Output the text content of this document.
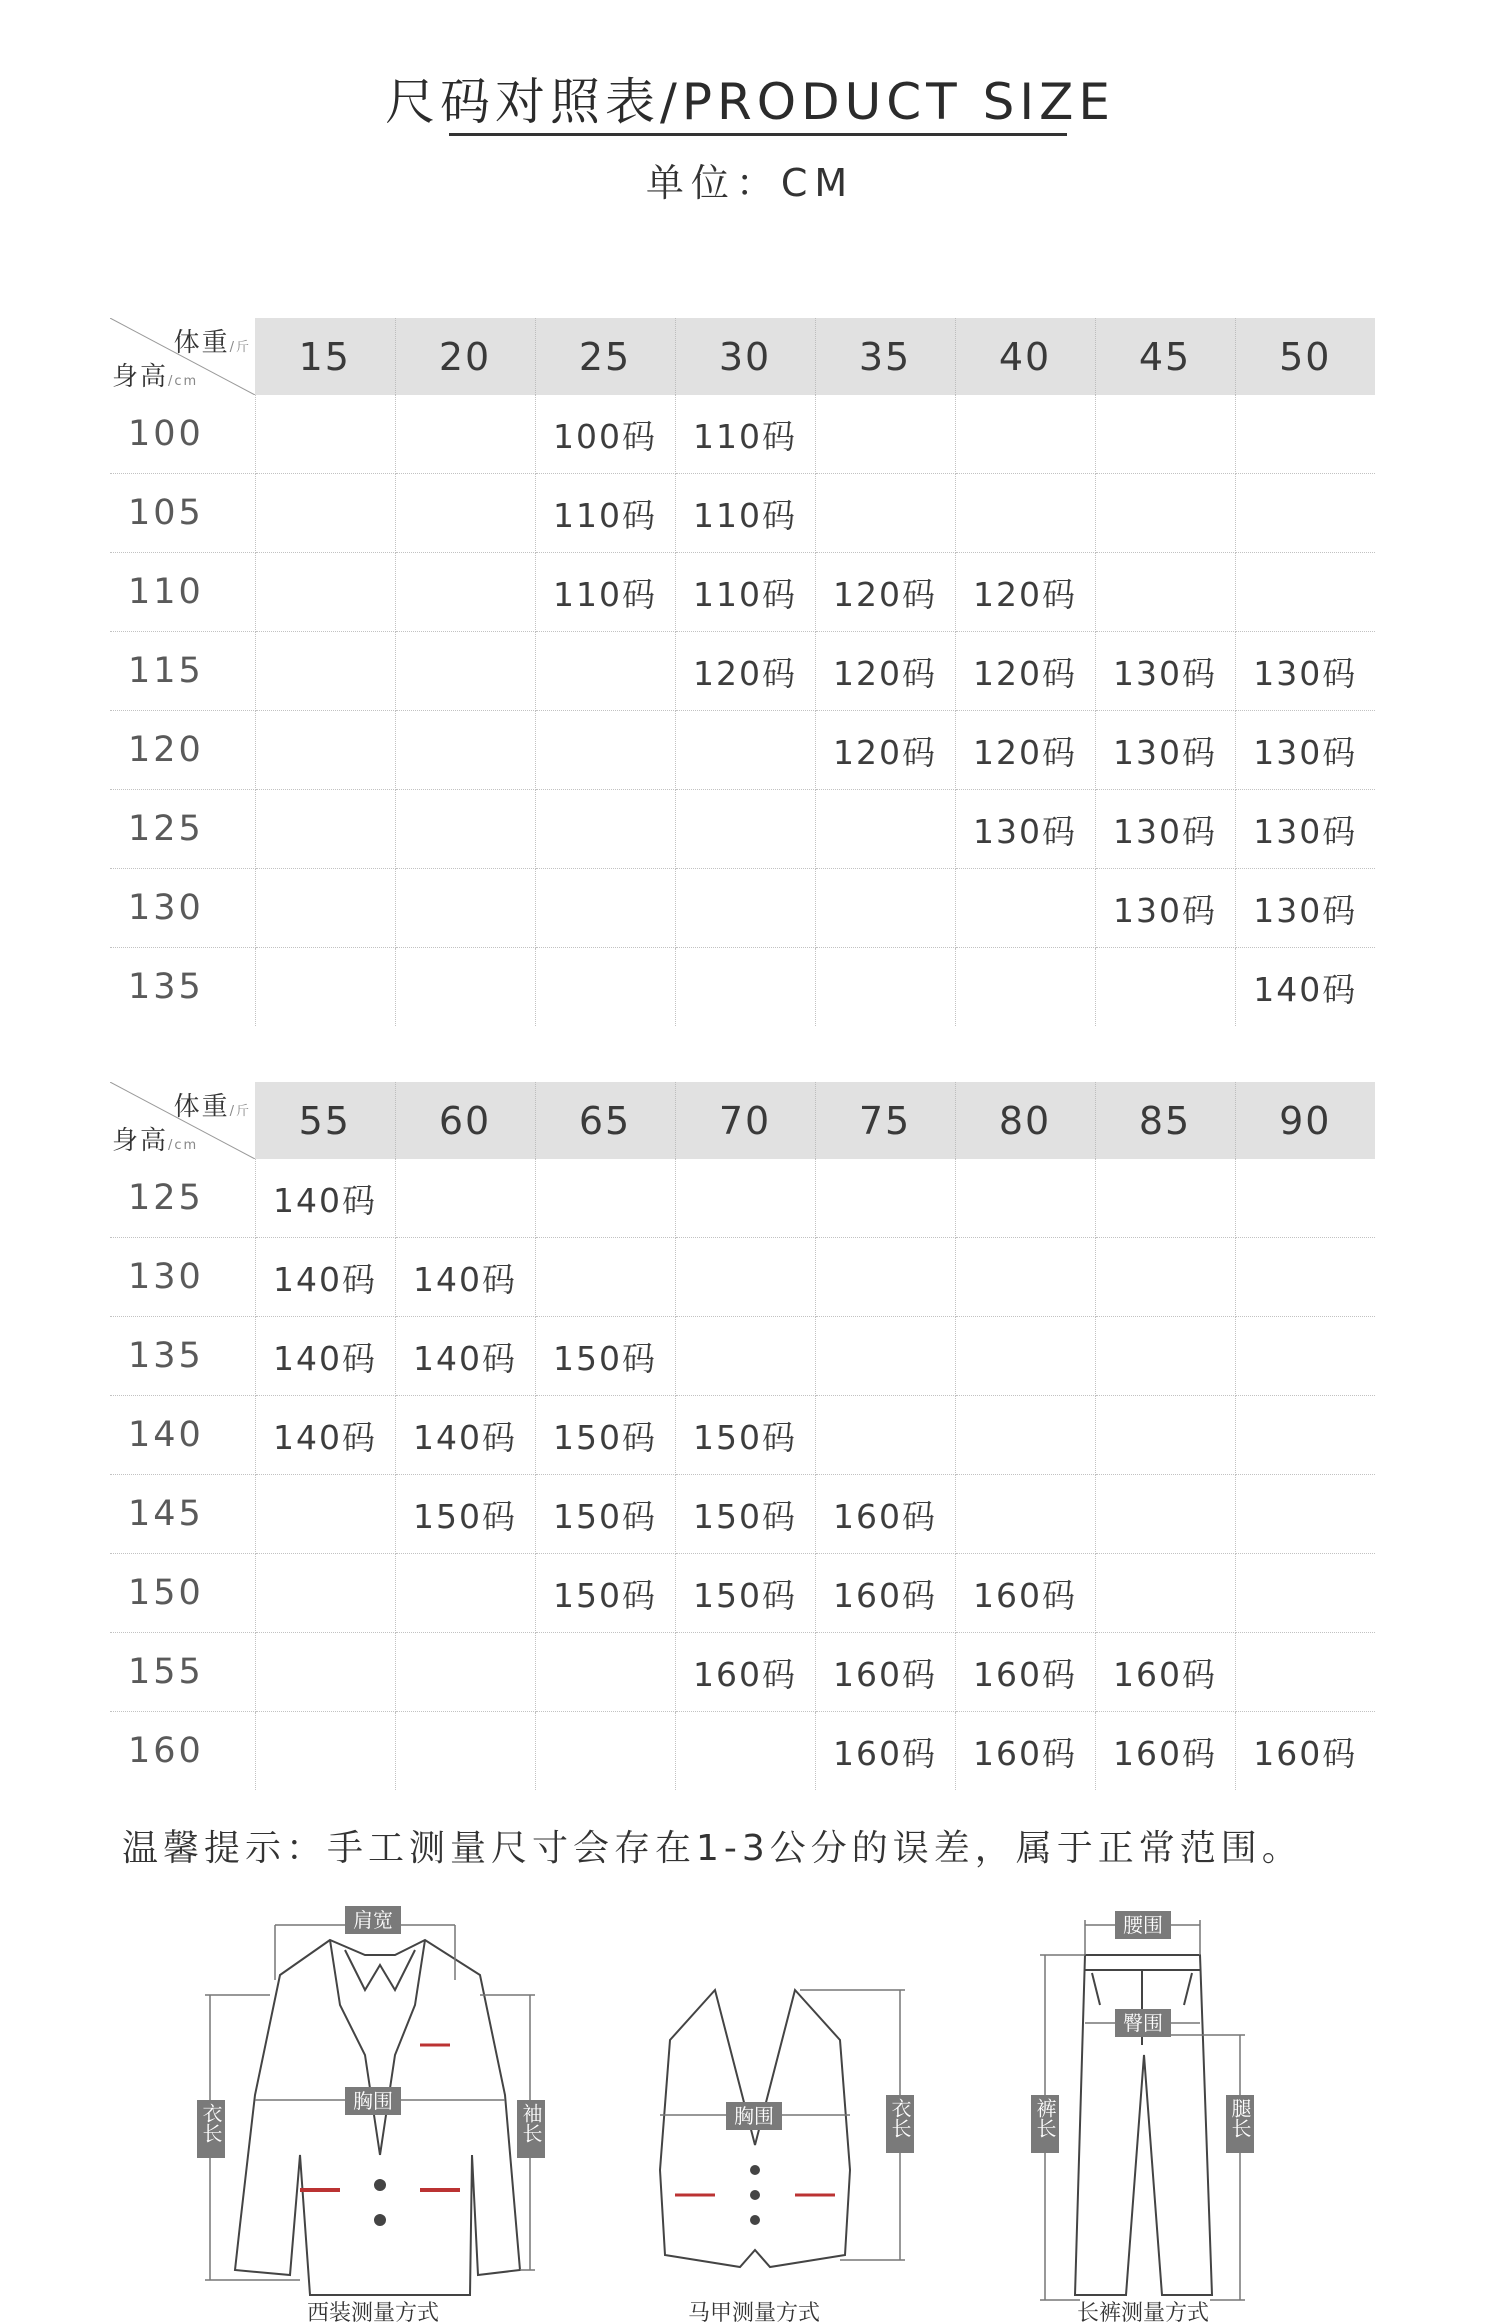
尺码对照表/PRODUCT SIZE
单位：CM
体重/斤
身高/cm	15	20	25	30	35	40	45	50
100			100码	110码				
105			110码	110码				
110			110码	110码	120码	120码		
115				120码	120码	120码	130码	130码
120					120码	120码	130码	130码
125						130码	130码	130码
130							130码	130码
135								140码
体重/斤
身高/cm	55	60	65	70	75	80	85	90
125	140码							
130	140码	140码						
135	140码	140码	150码					
140	140码	140码	150码	150码				
145		150码	150码	150码	160码			
150			150码	150码	160码	160码		
155				160码	160码	160码	160码	
160					160码	160码	160码	160码
温馨提示：手工测量尺寸会存在1-3公分的误差，属于正常范围。
肩宽
胸围
衣长	袖长
西装测量方式
胸围	衣长
马甲测量方式
腰围
臀围
裤长	腿长
长裤测量方式
